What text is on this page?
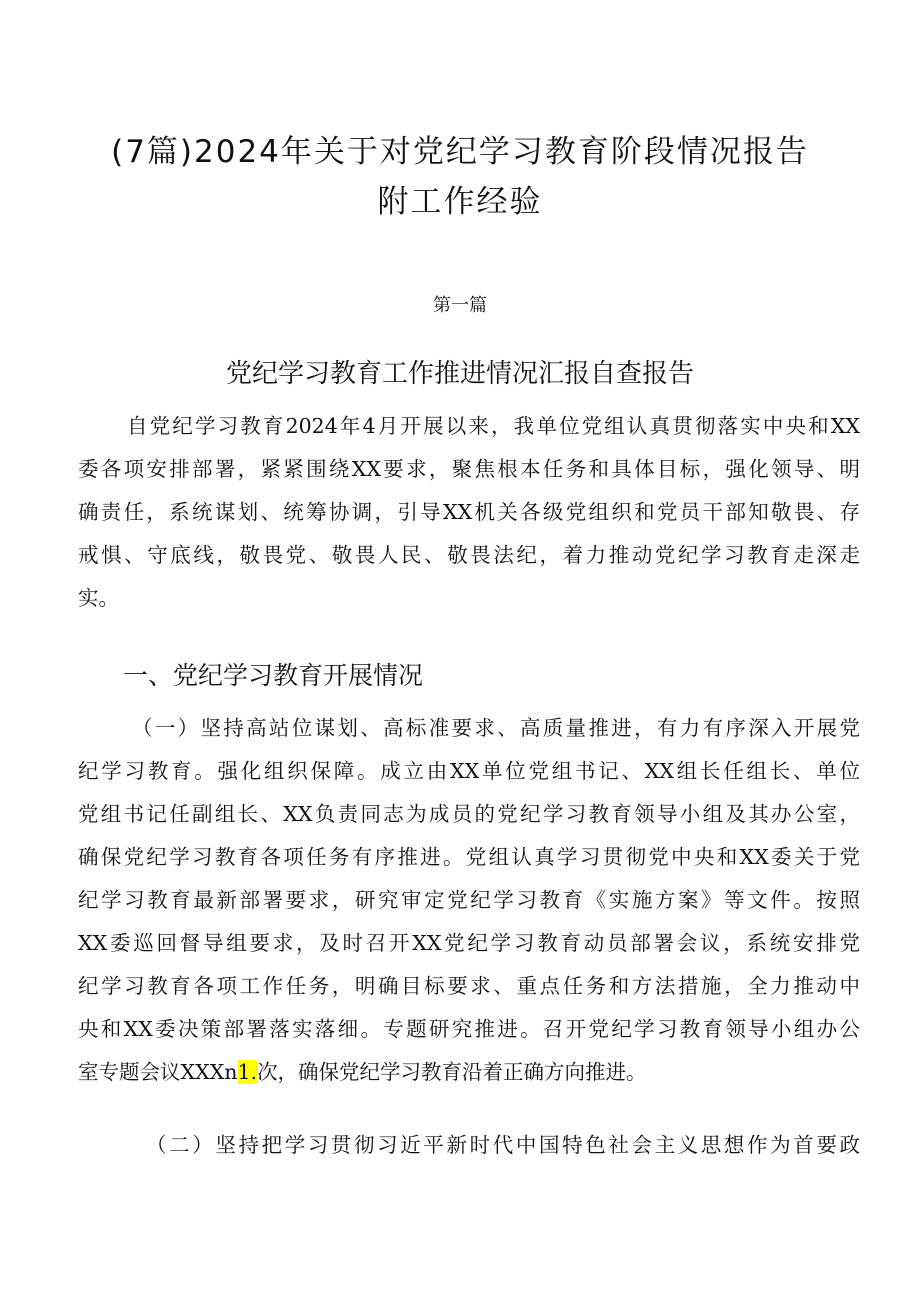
(7篇)2024年关于对党纪学习教育阶段情况报告
附工作经验
第一篇
党纪学习教育工作推进情况汇报自查报告

自党纪学习教育2024年4月开展以来，我单位党组认真贯彻落实中央和XX

委各项安排部署，紧紧围绕XX要求，聚焦根本任务和具体目标，强化领导、明

确责任，系统谋划、统筹协调，引导XX机关各级党组织和党员干部知敬畏、存

戒惧、守底线，敬畏党、敬畏人民、敬畏法纪，着力推动党纪学习教育走深走

实。

一、党纪学习教育开展情况

（一）坚持高站位谋划、高标准要求、高质量推进，有力有序深入开展党

纪学习教育。强化组织保障。成立由XX单位党组书记、XX组长任组长、单位

党组书记任副组长、XX负责同志为成员的党纪学习教育领导小组及其办公室，

确保党纪学习教育各项任务有序推进。党组认真学习贯彻党中央和XX委关于党

纪学习教育最新部署要求，研究审定党纪学习教育《实施方案》等文件。按照

XX委巡回督导组要求，及时召开XX党纪学习教育动员部署会议，系统安排党

纪学习教育各项工作任务，明确目标要求、重点任务和方法措施，全力推动中

央和XX委决策部署落实落细。专题研究推进。召开党纪学习教育领导小组办公

室专题会议XXXn1.次，确保党纪学习教育沿着正确方向推进。

（二）坚持把学习贯彻习近平新时代中国特色社会主义思想作为首要政
